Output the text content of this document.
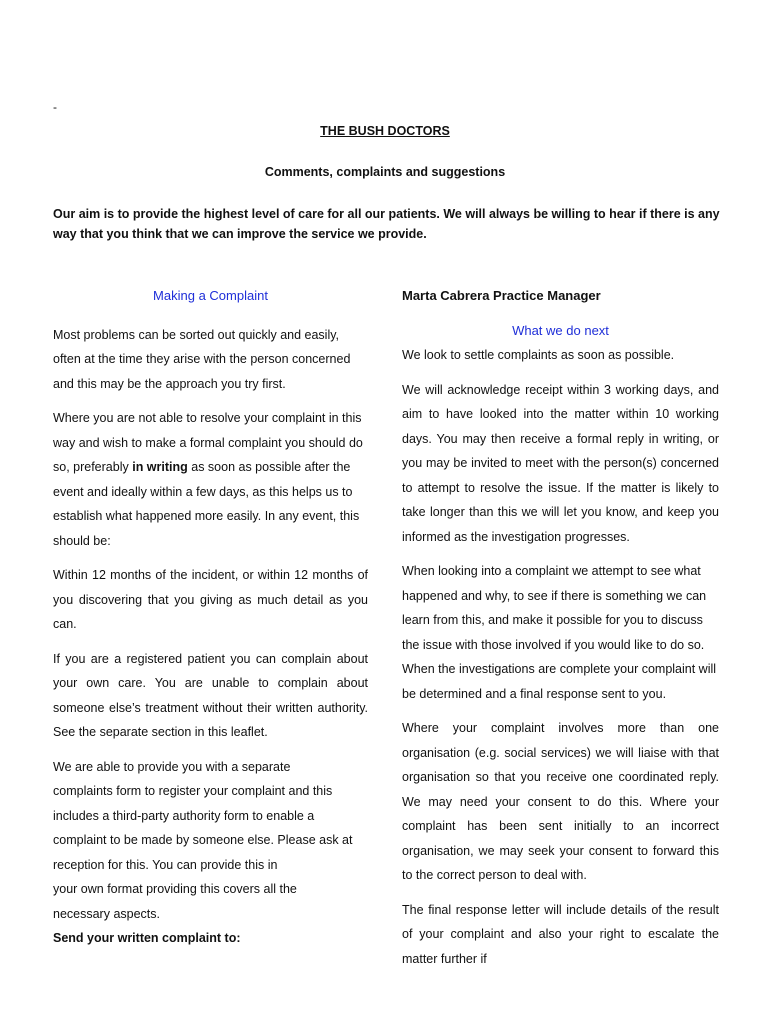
-
THE BUSH DOCTORS
Comments, complaints and suggestions
Our aim is to provide the highest level of care for all our patients. We will always be willing to hear if there is any way that you think that we can improve the service we provide.

Making a Complaint

Most problems can be sorted out quickly and easily, often at the time they arise with the person concerned and this may be the approach you try first.

Where you are not able to resolve your complaint in this way and wish to make a formal complaint you should do so, preferably in writing as soon as possible after the event and ideally within a few days, as this helps us to establish what happened more easily. In any event, this should be:

Within 12 months of the incident, or within 12 months of you discovering that you giving as much detail as you can.

If you are a registered patient you can complain about your own care. You are unable to complain about someone else’s treatment without their written authority. See the separate section in this leaflet.

We are able to provide you with a separate

complaints form to register your complaint and this includes a third-party authority form to enable a complaint to be made by someone else. Please ask at reception for this. You can provide this in

your own format providing this covers all the

necessary aspects.

Send your written complaint to:

Marta Cabrera Practice Manager

What we do next

We look to settle complaints as soon as possible.

We will acknowledge receipt within 3 working days, and aim to have looked into the matter within 10 working days. You may then receive a formal reply in writing, or you may be invited to meet with the person(s) concerned to attempt to resolve the issue. If the matter is likely to take longer than this we will let you know, and keep you informed as the investigation progresses.

When looking into a complaint we attempt to see what happened and why, to see if there is something we can learn from this, and make it possible for you to discuss the issue with those involved if you would like to do so.

When the investigations are complete your complaint will be determined and a final response sent to you.

Where your complaint involves more than one organisation (e.g. social services) we will liaise with that organisation so that you receive one coordinated reply. We may need your consent to do this. Where your complaint has been sent initially to an incorrect organisation, we may seek your consent to forward this to the correct person to deal with.

The final response letter will include details of the result of your complaint and also your right to escalate the matter further if
